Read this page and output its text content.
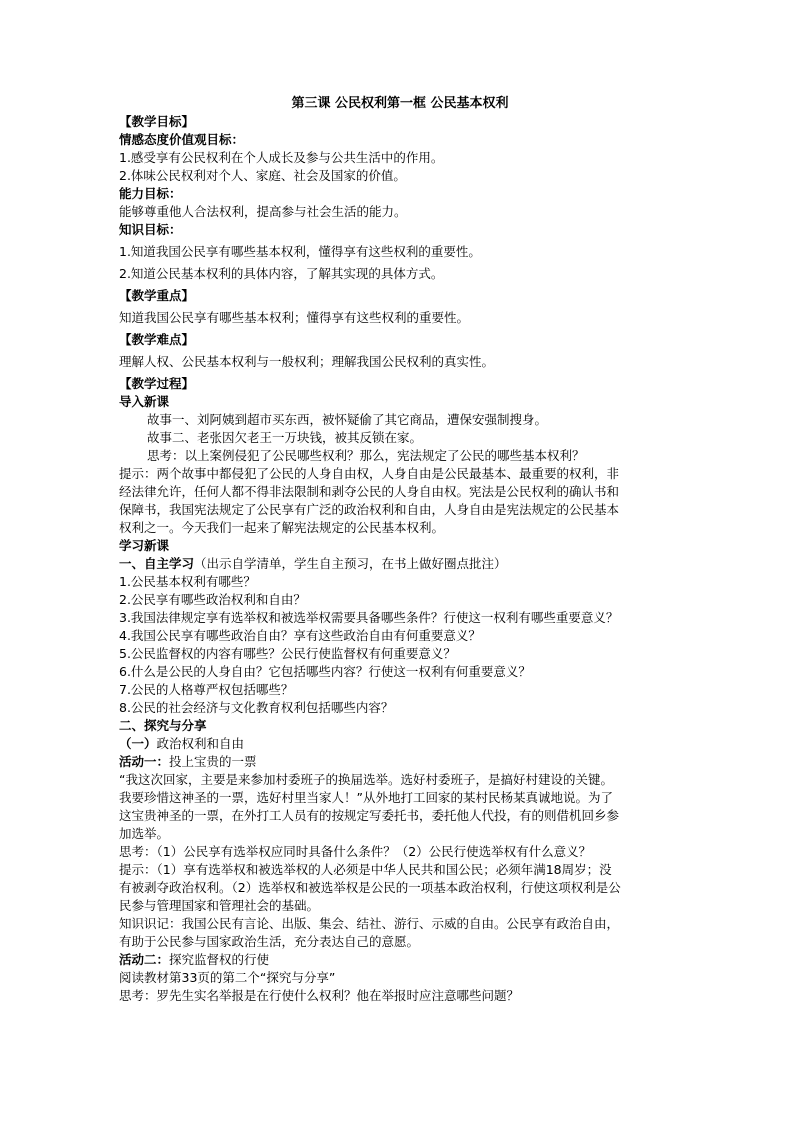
第三课 公民权利第一框 公民基本权利
【教学目标】
情感态度价值观目标：
1.感受享有公民权利在个人成长及参与公共生活中的作用。
2.体味公民权利对个人、家庭、社会及国家的价值。
能力目标：
能够尊重他人合法权利，提高参与社会生活的能力。
知识目标：
1.知道我国公民享有哪些基本权利，懂得享有这些权利的重要性。
2.知道公民基本权利的具体内容，了解其实现的具体方式。
【教学重点】
知道我国公民享有哪些基本权利；懂得享有这些权利的重要性。
【教学难点】
理解人权、公民基本权利与一般权利；理解我国公民权利的真实性。
【教学过程】
导入新课
故事一、刘阿姨到超市买东西，被怀疑偷了其它商品，遭保安强制搜身。
故事二、老张因欠老王一万块钱，被其反锁在家。
思考：以上案例侵犯了公民哪些权利？那么，宪法规定了公民的哪些基本权利？
提示：两个故事中都侵犯了公民的人身自由权，人身自由是公民最基本、最重要的权利，非
经法律允许，任何人都不得非法限制和剥夺公民的人身自由权。宪法是公民权利的确认书和
保障书，我国宪法规定了公民享有广泛的政治权利和自由，人身自由是宪法规定的公民基本
权利之一。今天我们一起来了解宪法规定的公民基本权利。
学习新课
一、自主学习（出示自学清单，学生自主预习，在书上做好圈点批注）
1.公民基本权利有哪些？
2.公民享有哪些政治权利和自由？
3.我国法律规定享有选举权和被选举权需要具备哪些条件？行使这一权利有哪些重要意义？
4.我国公民享有哪些政治自由？享有这些政治自由有何重要意义？
5.公民监督权的内容有哪些？公民行使监督权有何重要意义？
6.什么是公民的人身自由？它包括哪些内容？行使这一权利有何重要意义？
7.公民的人格尊严权包括哪些？
8.公民的社会经济与文化教育权利包括哪些内容？
二、探究与分享
（一）政治权利和自由
活动一：投上宝贵的一票
“我这次回家，主要是来参加村委班子的换届选举。选好村委班子，是搞好村建设的关键。
我要珍惜这神圣的一票，选好村里当家人！”从外地打工回家的某村民杨某真诚地说。为了
这宝贵神圣的一票，在外打工人员有的按规定写委托书，委托他人代投，有的则借机回乡参
加选举。
思考：（1）公民享有选举权应同时具备什么条件？（2）公民行使选举权有什么意义？
提示：（1）享有选举权和被选举权的人必须是中华人民共和国公民；必须年满18周岁；没
有被剥夺政治权利。（2）选举权和被选举权是公民的一项基本政治权利，行使这项权利是公
民参与管理国家和管理社会的基础。
知识识记：我国公民有言论、出版、集会、结社、游行、示威的自由。公民享有政治自由，
有助于公民参与国家政治生活，充分表达自己的意愿。
活动二：探究监督权的行使
阅读教材第33页的第二个“探究与分享”
思考：罗先生实名举报是在行使什么权利？他在举报时应注意哪些问题？
